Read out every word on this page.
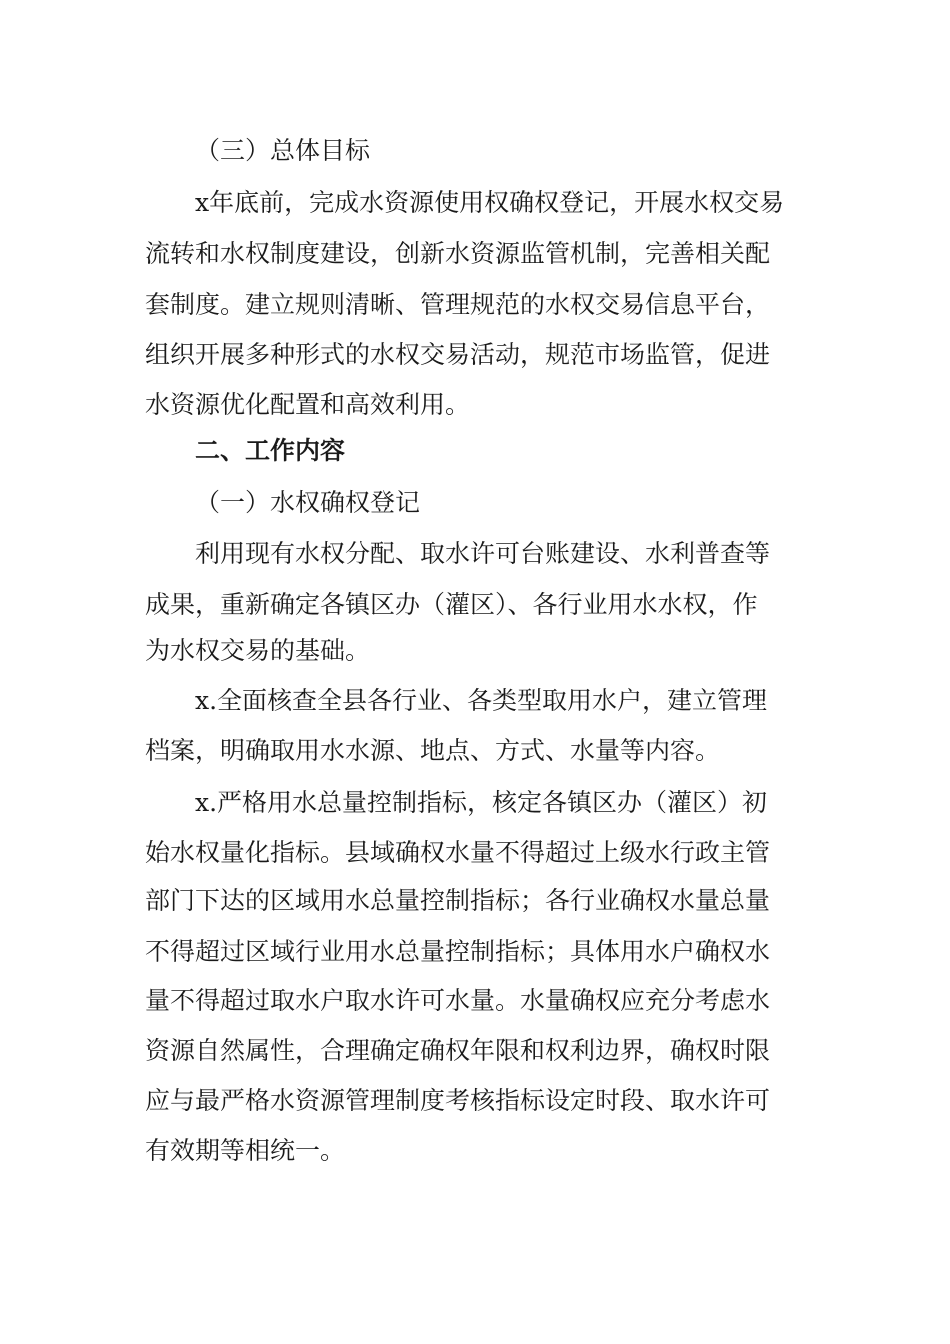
（三）总体目标

x年底前，完成水资源使用权确权登记，开展水权交易

流转和水权制度建设，创新水资源监管机制，完善相关配

套制度。建立规则清晰、管理规范的水权交易信息平台，

组织开展多种形式的水权交易活动，规范市场监管，促进

水资源优化配置和高效利用。

二、工作内容

（一）水权确权登记

利用现有水权分配、取水许可台账建设、水利普查等

成果，重新确定各镇区办（灌区）、各行业用水水权，作

为水权交易的基础。

x.全面核查全县各行业、各类型取用水户，建立管理

档案，明确取用水水源、地点、方式、水量等内容。

x.严格用水总量控制指标，核定各镇区办（灌区）初

始水权量化指标。县域确权水量不得超过上级水行政主管

部门下达的区域用水总量控制指标；各行业确权水量总量

不得超过区域行业用水总量控制指标；具体用水户确权水

量不得超过取水户取水许可水量。水量确权应充分考虑水

资源自然属性，合理确定确权年限和权利边界，确权时限

应与最严格水资源管理制度考核指标设定时段、取水许可

有效期等相统一。
